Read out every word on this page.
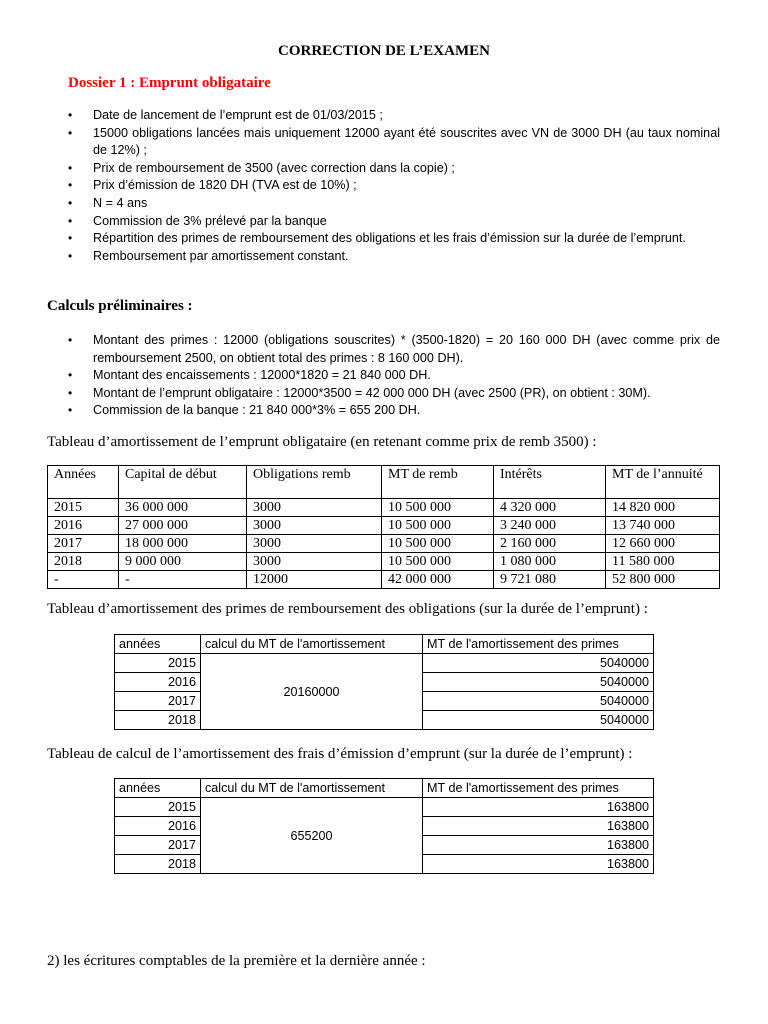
CORRECTION DE L’EXAMEN
Dossier 1 : Emprunt obligataire
• Date de lancement de l’emprunt est de 01/03/2015 ;
• 15000 obligations lancées mais uniquement 12000 ayant été souscrites avec VN de 3000 DH (au taux nominal de 12%) ;
• Prix de remboursement de 3500 (avec correction dans la copie) ;
• Prix d’émission de 1820 DH (TVA est de 10%) ;
• N = 4 ans
• Commission de 3% prélevé par la banque
• Répartition des primes de remboursement des obligations et les frais d’émission sur la durée de l’emprunt.
• Remboursement par amortissement constant.
Calculs préliminaires :
• Montant des primes : 12000 (obligations souscrites) * (3500-1820) = 20 160 000 DH (avec comme prix de remboursement 2500, on obtient total des primes : 8 160 000 DH).
• Montant des encaissements : 12000*1820 = 21 840 000 DH.
• Montant de l’emprunt obligataire : 12000*3500 = 42 000 000 DH (avec 2500 (PR), on obtient : 30M).
• Commission de la banque : 21 840 000*3% = 655 200 DH.
Tableau d’amortissement de l’emprunt obligataire (en retenant comme prix de remb 3500) :
Années	Capital de début	Obligations remb	MT de remb	Intérêts	MT de l’annuité
2015	36 000 000	3000	10 500 000	4 320 000	14 820 000
2016	27 000 000	3000	10 500 000	3 240 000	13 740 000
2017	18 000 000	3000	10 500 000	2 160 000	12 660 000
2018	9 000 000	3000	10 500 000	1 080 000	11 580 000
-	-	12000	42 000 000	9 721 080	52 800 000
Tableau d’amortissement des primes de remboursement des obligations (sur la durée de l’emprunt) :
années	calcul du MT de l'amortissement	MT de l'amortissement des primes
2015	20160000	5040000
2016		5040000
2017		5040000
2018		5040000
Tableau de calcul de l’amortissement des frais d’émission d’emprunt (sur la durée de l’emprunt) :
années	calcul du MT de l'amortissement	MT de l'amortissement des primes
2015	655200	163800
2016		163800
2017		163800
2018		163800
2) les écritures comptables de la première et la dernière année :
